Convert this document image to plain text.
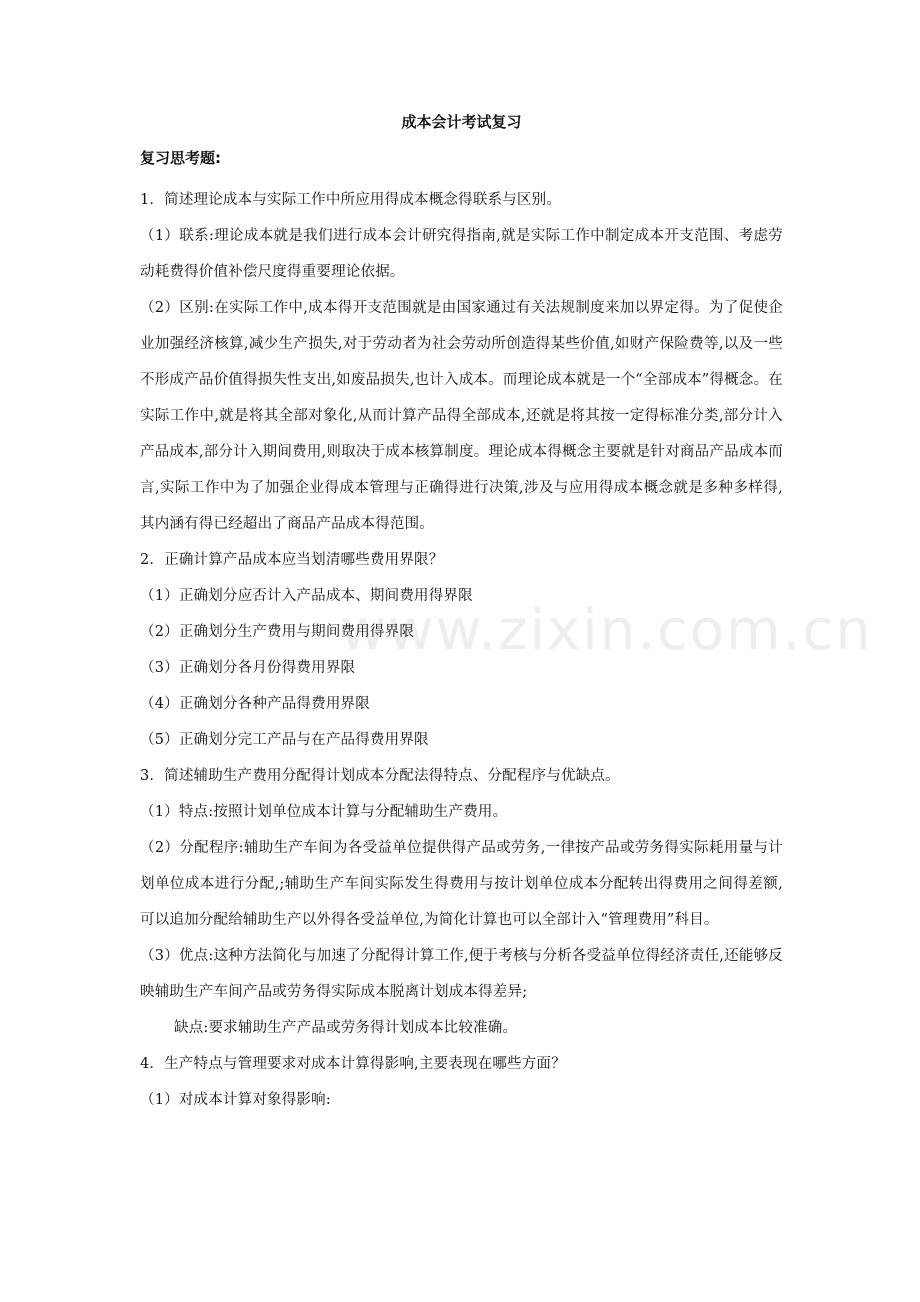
www.zixin.com.cn
成本会计考试复习
复习思考题:

1．简述理论成本与实际工作中所应用得成本概念得联系与区别。

（1）联系:理论成本就是我们进行成本会计研究得指南,就是实际工作中制定成本开支范围、考虑劳动耗费得价值补偿尺度得重要理论依据。

（2）区别:在实际工作中,成本得开支范围就是由国家通过有关法规制度来加以界定得。为了促使企业加强经济核算,减少生产损失,对于劳动者为社会劳动所创造得某些价值,如财产保险费等,以及一些不形成产品价值得损失性支出,如废品损失,也计入成本。而理论成本就是一个“全部成本”得概念。在实际工作中,就是将其全部对象化,从而计算产品得全部成本,还就是将其按一定得标准分类,部分计入产品成本,部分计入期间费用,则取决于成本核算制度。理论成本得概念主要就是针对商品产品成本而言,实际工作中为了加强企业得成本管理与正确得进行决策,涉及与应用得成本概念就是多种多样得,其内涵有得已经超出了商品产品成本得范围。

2．正确计算产品成本应当划清哪些费用界限？

（1）正确划分应否计入产品成本、期间费用得界限

（2）正确划分生产费用与期间费用得界限

（3）正确划分各月份得费用界限

（4）正确划分各种产品得费用界限

（5）正确划分完工产品与在产品得费用界限

3．简述辅助生产费用分配得计划成本分配法得特点、分配程序与优缺点。

（1）特点:按照计划单位成本计算与分配辅助生产费用。

（2）分配程序:辅助生产车间为各受益单位提供得产品或劳务,一律按产品或劳务得实际耗用量与计划单位成本进行分配,;辅助生产车间实际发生得费用与按计划单位成本分配转出得费用之间得差额,可以追加分配给辅助生产以外得各受益单位,为简化计算也可以全部计入“管理费用”科目。

（3）优点:这种方法简化与加速了分配得计算工作,便于考核与分析各受益单位得经济责任,还能够反映辅助生产车间产品或劳务得实际成本脱离计划成本得差异;

缺点:要求辅助生产产品或劳务得计划成本比较准确。

4．生产特点与管理要求对成本计算得影响,主要表现在哪些方面？

（1）对成本计算对象得影响:
